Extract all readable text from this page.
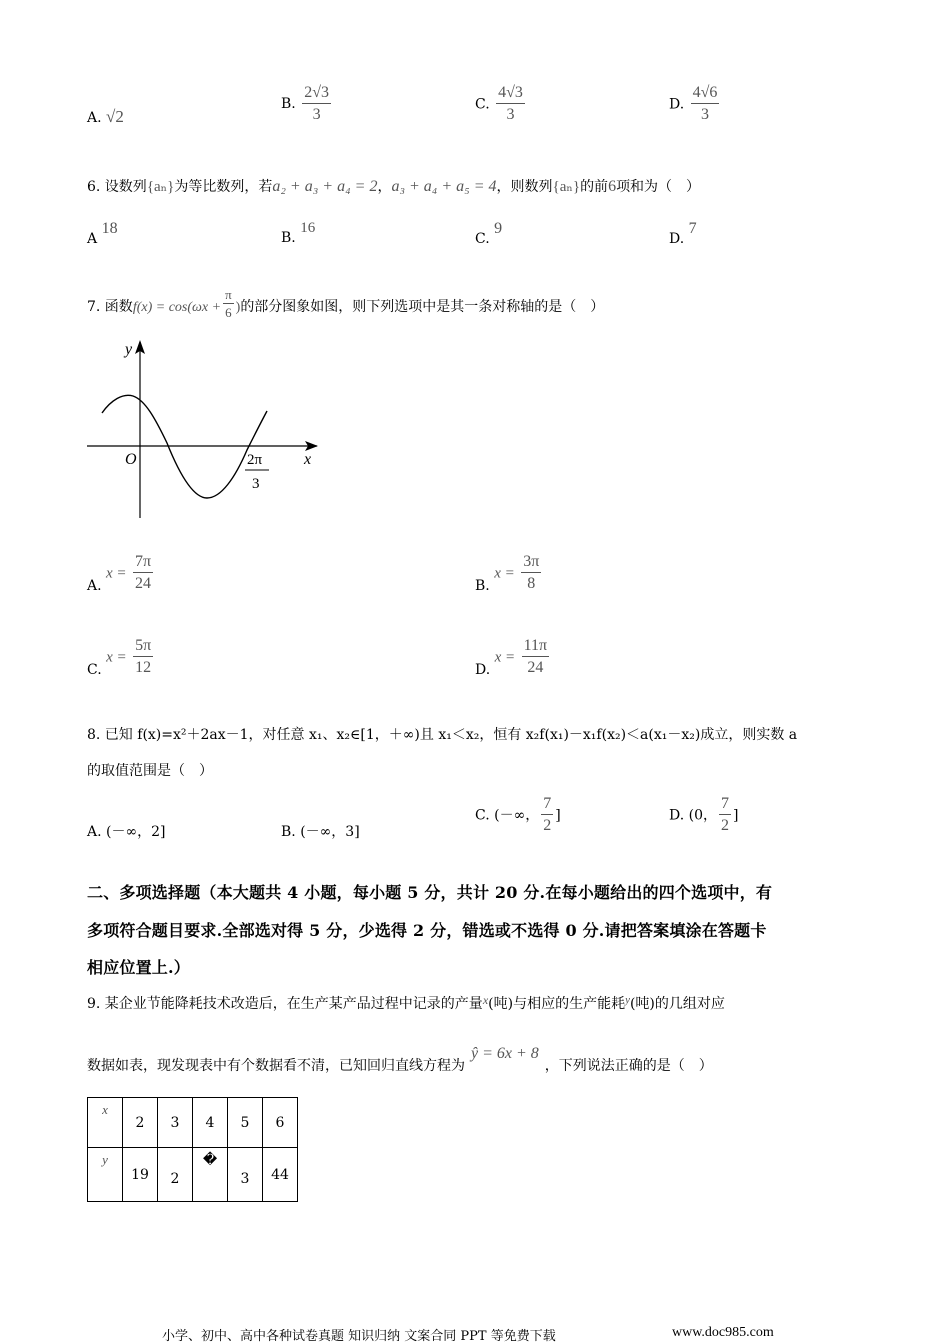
A. √2
B. $\frac{2√3}{3}$	C. $\frac{4√3}{3}$	D. $\frac{4√6}{3}$
6. 设数列{aₙ}为等比数列，若a₂ + a₃ + a₄ = 2，a₃ + a₄ + a₅ = 4，则数列{aₙ}的前6项和为（　）
A 18
B. 16
C. 9
D. 7
7. 函数$f(x) = \cos(\omega x + \frac{\pi}{6}$ )的部分图象如图，则下列选项中是其一条对称轴的是（　）
y
x
O	2π
3
A. $x = \frac{7\pi}{24}$	B. $x = \frac{3\pi}{8}$
C. $x = \frac{5\pi}{12}$	D. $x = \frac{11\pi}{24}$
8. 已知 f(x)=x²＋2ax－1，对任意 x₁、x₂∈[1，＋∞)且 x₁＜x₂，恒有 x₂f(x₁)－x₁f(x₂)＜a(x₁－x₂)成立，则实数 a
的取值范围是（　）
A. (－∞，2]	B. (－∞，3]
C. (－∞， $\frac{7}{2}$ ]	D. (0， $\frac{7}{2}$ ]
二、多项选择题（本大题共 4 小题，每小题 5 分，共计 20 分.在每小题给出的四个选项中，有
多项符合题目要求.全部选对得 5 分，少选得 2 分，错选或不选得 0 分.请把答案填涂在答题卡
相应位置上.）
9. 某企业节能降耗技术改造后，在生产某产品过程中记录的产量x(吨)与相应的生产能耗$^y$(吨)的几组对应
数据如表，现发现表中有个数据看不清，已知回归直线方程为ŷ = 6x + 8，下列说法正确的是（　）
x	2	3	4	5	6
y	19	2	�	3	44
小学、初中、高中各种试卷真题 知识归纳 文案合同 PPT 等免费下载	www.doc985.com
